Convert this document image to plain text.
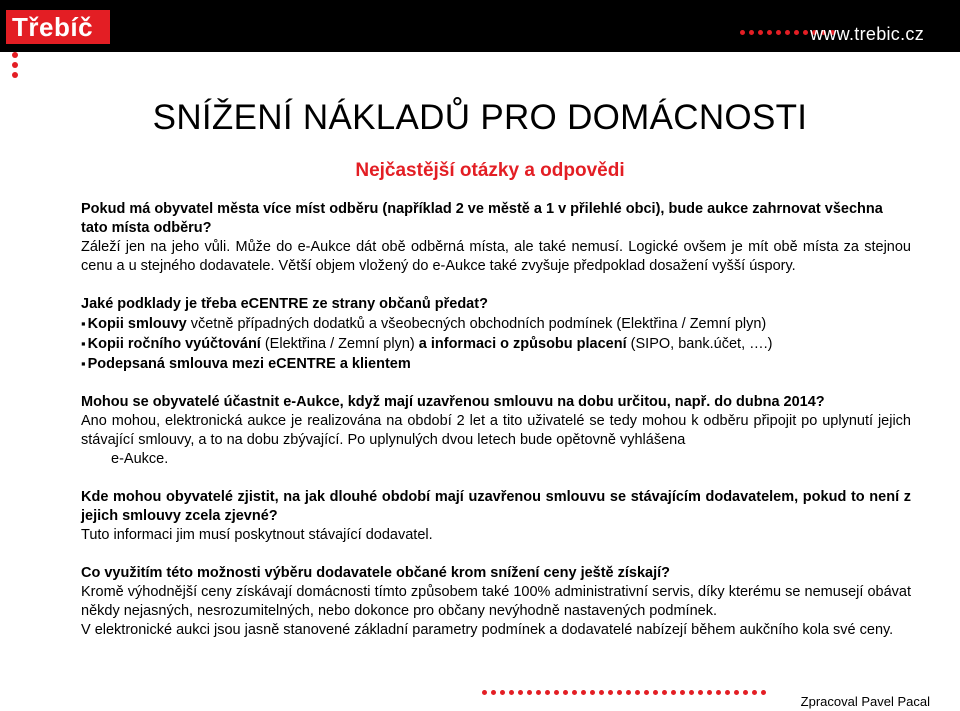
Třebíč	www.trebic.cz
SNÍŽENÍ NÁKLADŮ PRO DOMÁCNOSTI
Nejčastější otázky a odpovědi

Pokud má obyvatel města více míst odběru (například 2 ve městě a 1 v přilehlé obci), bude aukce zahrnovat všechna tato místa odběru?

Záleží jen na jeho vůli. Může do e-Aukce dát obě odběrná místa, ale také nemusí. Logické ovšem je mít obě místa za stejnou cenu a u stejného dodavatele. Větší objem vložený do e-Aukce také zvyšuje předpoklad dosažení vyšší úspory.

Jaké podklady je třeba eCENTRE ze strany občanů předat?

▪ Kopii smlouvy včetně případných dodatků a všeobecných obchodních podmínek (Elektřina / Zemní plyn)

▪ Kopii ročního vyúčtování (Elektřina / Zemní plyn) a informaci o způsobu placení (SIPO, bank.účet, ….)

▪ Podepsaná smlouva mezi eCENTRE a klientem

Mohou se obyvatelé účastnit e-Aukce, když mají uzavřenou smlouvu na dobu určitou, např. do dubna 2014?

Ano mohou, elektronická aukce je realizována na období 2 let a tito uživatelé se tedy mohou k odběru připojit po uplynutí jejich stávající smlouvy, a to na dobu zbývající. Po uplynulých dvou letech bude opětovně vyhlášena

e-Aukce.

Kde mohou obyvatelé zjistit, na jak dlouhé období mají uzavřenou smlouvu se stávajícím dodavatelem, pokud to není z jejich smlouvy zcela zjevné?

Tuto informaci jim musí poskytnout stávající dodavatel.

Co využitím této možnosti výběru dodavatele občané krom snížení ceny ještě získají?

Kromě výhodnější ceny získávají domácnosti tímto způsobem také 100% administrativní servis, díky kterému se nemusejí obávat někdy nejasných, nesrozumitelných, nebo dokonce pro občany nevýhodně nastavených podmínek.

V elektronické aukci jsou jasně stanovené základní parametry podmínek a dodavatelé nabízejí během aukčního kola své ceny.

Zpracoval Pavel Pacal
